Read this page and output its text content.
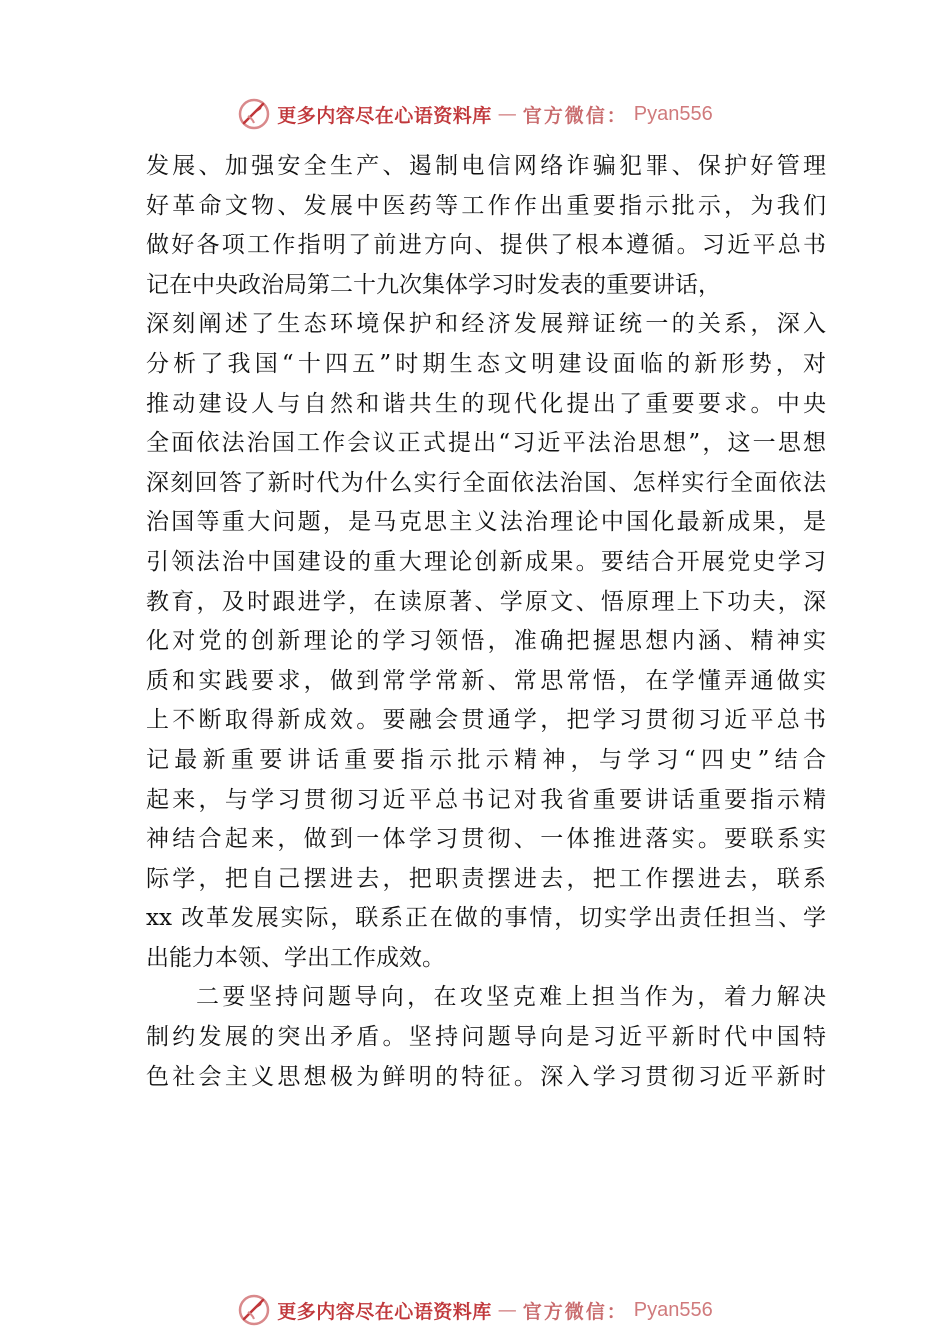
更多内容尽在心语资料库 — 官方微信： Pyan556
发展、加强安全生产、遏制电信网络诈骗犯罪、保护好管理
好革命文物、发展中医药等工作作出重要指示批示，为我们
做好各项工作指明了前进方向、提供了根本遵循。习近平总书
记在中央政治局第二十九次集体学习时发表的重要讲话，
深刻阐述了生态环境保护和经济发展辩证统一的关系，深入
分析了我国“十四五”时期生态文明建设面临的新形势，对
推动建设人与自然和谐共生的现代化提出了重要要求。中央
全面依法治国工作会议正式提出“习近平法治思想”，这一思想
深刻回答了新时代为什么实行全面依法治国、怎样实行全面依法
治国等重大问题，是马克思主义法治理论中国化最新成果，是
引领法治中国建设的重大理论创新成果。要结合开展党史学习
教育，及时跟进学，在读原著、学原文、悟原理上下功夫，深
化对党的创新理论的学习领悟，准确把握思想内涵、精神实
质和实践要求，做到常学常新、常思常悟，在学懂弄通做实
上不断取得新成效。要融会贯通学，把学习贯彻习近平总书
记最新重要讲话重要指示批示精神，与学习“四史”结合
起来，与学习贯彻习近平总书记对我省重要讲话重要指示精
神结合起来，做到一体学习贯彻、一体推进落实。要联系实
际学，把自己摆进去，把职责摆进去，把工作摆进去，联系
xx 改革发展实际，联系正在做的事情，切实学出责任担当、学
出能力本领、学出工作成效。
二要坚持问题导向，在攻坚克难上担当作为，着力解决
制约发展的突出矛盾。坚持问题导向是习近平新时代中国特
色社会主义思想极为鲜明的特征。深入学习贯彻习近平新时
更多内容尽在心语资料库 — 官方微信： Pyan556
